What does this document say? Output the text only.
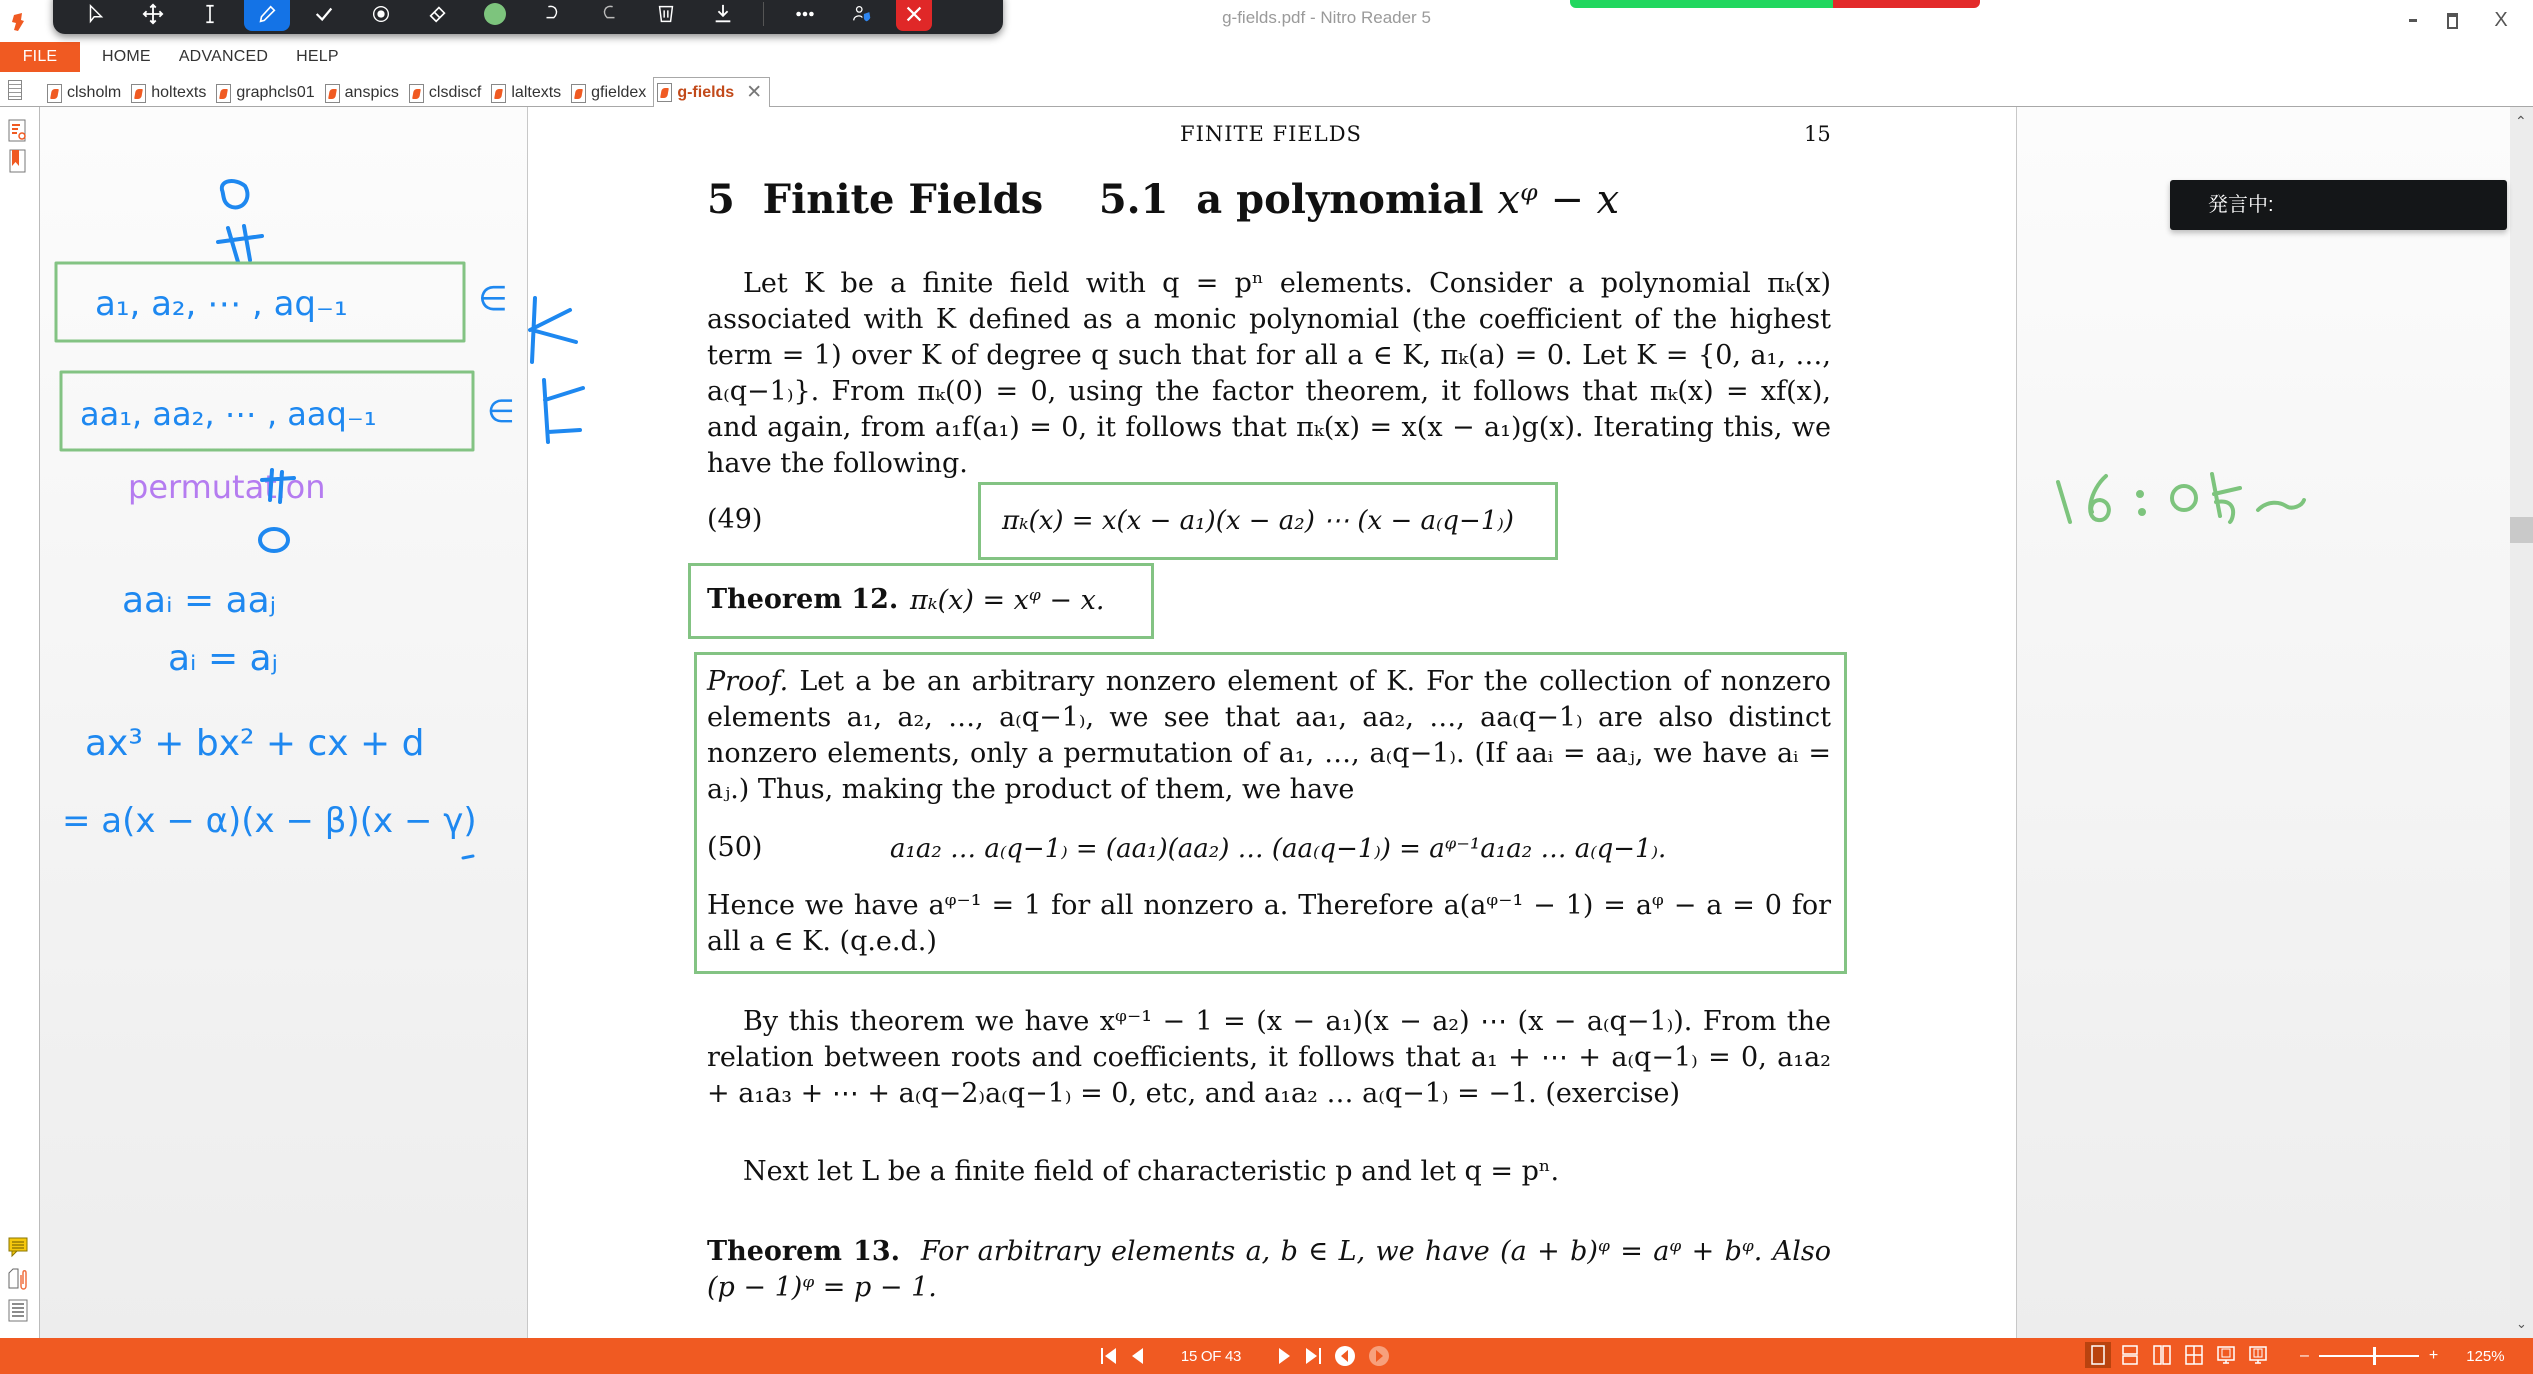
g-fields.pdf - Nitro Reader 5	X
FILE	HOME	ADVANCED	HELP
clsholm holtexts graphcls01 anspics clsdiscf laltexts gfieldex g-fields ✕
⌃
⌄
FINITE FIELDS	15
5  Finite Fields    5.1  a polynomial xᵠ − x
Let K be a finite field with q = pⁿ elements. Consider a polynomial πₖ(x) associated with K defined as a monic polynomial (the coefficient of the highest term = 1) over K of degree q such that for all a ∈ K, πₖ(a) = 0. Let K = {0, a₁, …, a₍q−1₎}. From πₖ(0) = 0, using the factor theorem, it follows that πₖ(x) = xf(x), and again, from a₁f(a₁) = 0, it follows that πₖ(x) = x(x − a₁)g(x). Iterating this, we have the following.
(49)	πₖ(x) = x(x − a₁)(x − a₂) ⋯ (x − a₍q−1₎)
Theorem 12. πₖ(x) = xᵠ − x.
Proof. Let a be an arbitrary nonzero element of K. For the collection of nonzero elements a₁, a₂, …, a₍q−1₎, we see that aa₁, aa₂, …, aa₍q−1₎ are also distinct nonzero elements, only a permutation of a₁, …, a₍q−1₎. (If aaᵢ = aaⱼ, we have aᵢ = aⱼ.) Thus, making the product of them, we have
(50)	a₁a₂ … a₍q−1₎ = (aa₁)(aa₂) … (aa₍q−1₎) = aᵠ⁻¹a₁a₂ … a₍q−1₎.
Hence we have aᵠ⁻¹ = 1 for all nonzero a. Therefore a(aᵠ⁻¹ − 1) = aᵠ − a = 0 for all a ∈ K. (q.e.d.)
By this theorem we have xᵠ⁻¹ − 1 = (x − a₁)(x − a₂) ⋯ (x − a₍q−1₎). From the relation between roots and coefficients, it follows that a₁ + ⋯ + a₍q−1₎ = 0, a₁a₂ + a₁a₃ + ⋯ + a₍q−2₎a₍q−1₎ = 0, etc, and a₁a₂ … a₍q−1₎ = −1. (exercise)
Next let L be a finite field of characteristic p and let q = pⁿ.
Theorem 13. For arbitrary elements a, b ∈ L, we have (a + b)ᵠ = aᵠ + bᵠ. Also (p − 1)ᵠ = p − 1.
a₁, a₂, ⋯ , aq₋₁	∈
aa₁, aa₂, ⋯ , aaq₋₁	∈
permutation
aaᵢ = aaⱼ
aᵢ = aⱼ
ax³ + bx² + cx + d
= a(x − α)(x − β)(x − γ)
発言中:
15 OF 43	–	+ 125%
